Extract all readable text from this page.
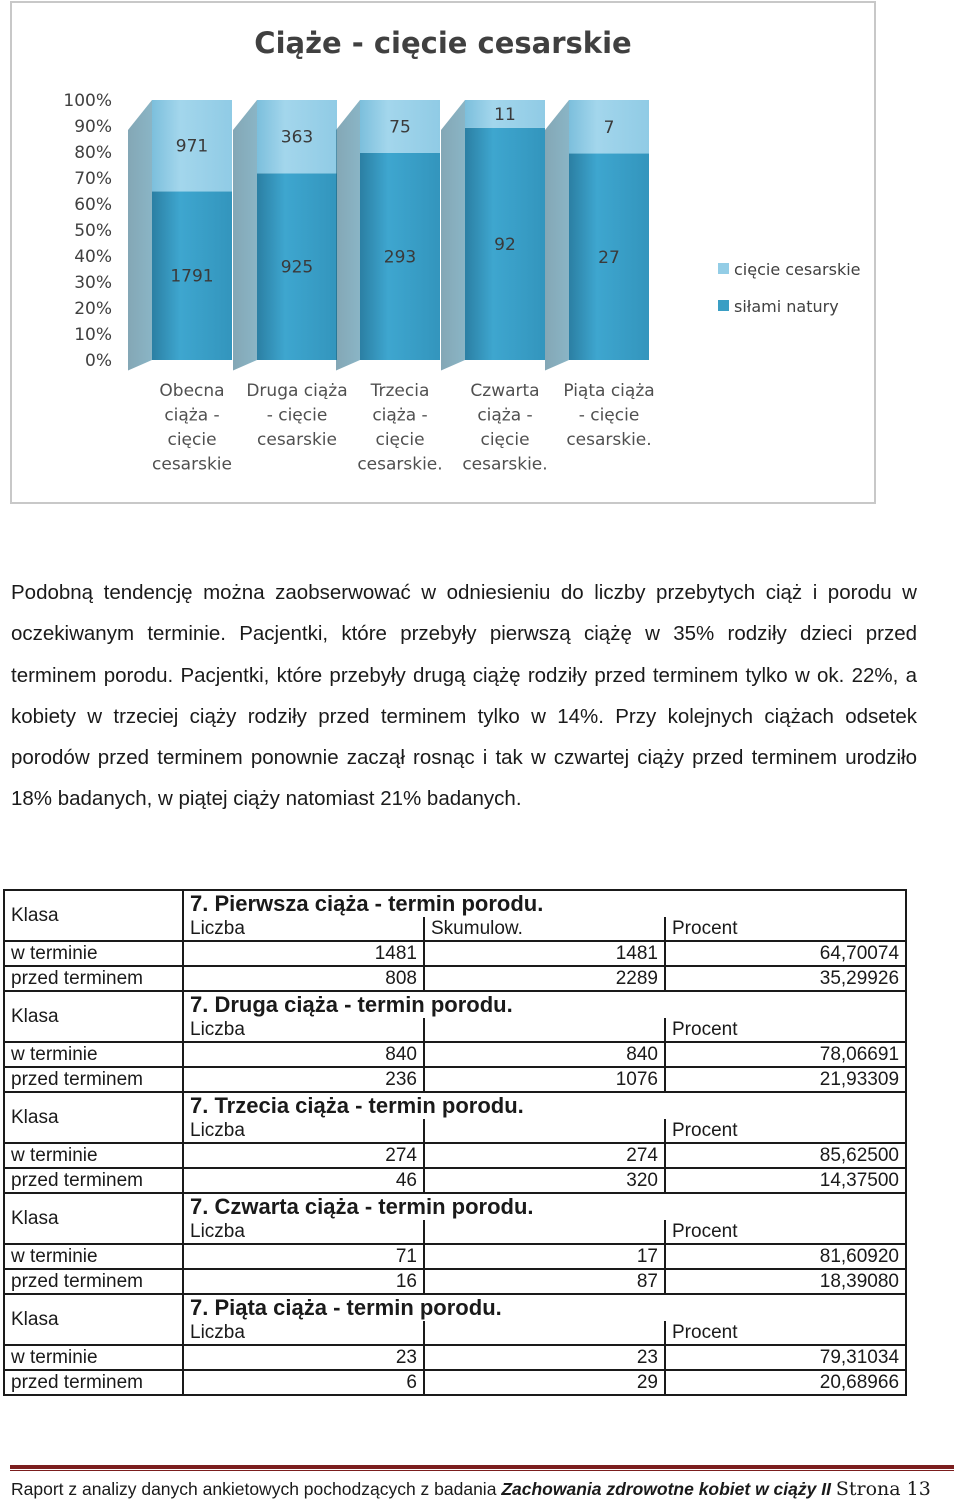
Ciąże - cięcie cesarskie
100%
90%
80%
70%
60%
50%
40%
30%
20%
10%
0%
971
1791
363
925
75
293
11
92
7
27
Obecna
ciąża -
cięcie
cesarskie
Druga ciąża
- cięcie
cesarskie
Trzecia
ciąża -
cięcie
cesarskie.
Czwarta
ciąża -
cięcie
cesarskie.
Piąta ciąża
- cięcie
cesarskie.
cięcie cesarskie
siłami natury

Podobną tendencję można zaobserwować w odniesieniu do liczby przebytych ciąż i porodu w oczekiwanym terminie. Pacjentki, które przebyły pierwszą ciążę w 35% rodziły dzieci przed terminem porodu. Pacjentki, które przebyły drugą ciążę rodziły przed terminem tylko w ok. 22%, a kobiety w trzeciej ciąży rodziły przed terminem tylko w 14%. Przy kolejnych ciążach odsetek porodów przed terminem ponownie zaczął rosnąc i tak w czwartej ciąży przed terminem urodziło 18% badanych, w piątej ciąży natomiast 21% badanych.

Klasa	7. Pierwsza ciąża - termin porodu.		
	Liczba	Skumulow.	Procent
w terminie	1481	1481	64,70074
przed terminem	808	2289	35,29926
Klasa	7. Druga ciąża - termin porodu.		
	Liczba		Procent
w terminie	840	840	78,06691
przed terminem	236	1076	21,93309
Klasa	7. Trzecia ciąża - termin porodu.		
	Liczba		Procent
w terminie	274	274	85,62500
przed terminem	46	320	14,37500
Klasa	7. Czwarta ciąża - termin porodu.		
	Liczba		Procent
w terminie	71	17	81,60920
przed terminem	16	87	18,39080
Klasa	7. Piąta ciąża - termin porodu.		
	Liczba		Procent
w terminie	23	23	79,31034
przed terminem	6	29	20,68966
Raport z analizy danych ankietowych pochodzących z badania Zachowania zdrowotne kobiet w ciąży II Strona 13
